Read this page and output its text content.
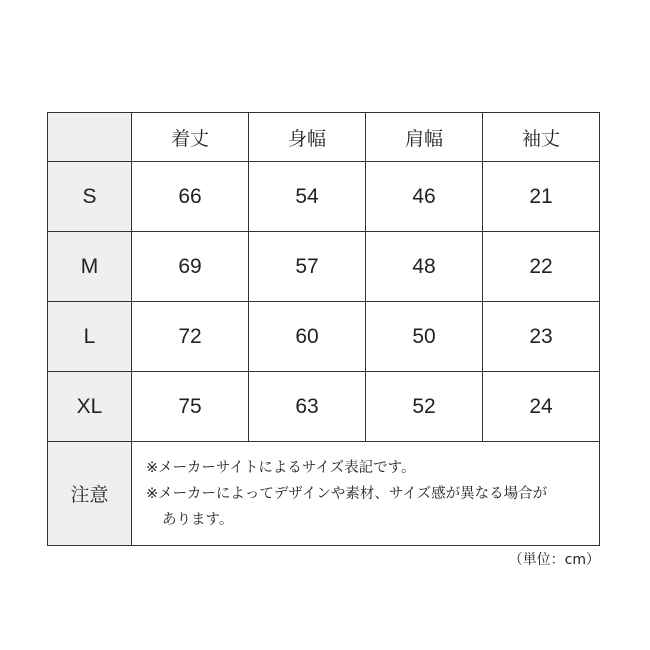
	着丈	身幅	肩幅	袖丈
S	66	54	46	21
M	69	57	48	22
L	72	60	50	23
XL	75	63	52	24
注意	※メーカーサイトによるサイズ表記です。
※メーカーによってデザインや素材、サイズ感が異なる場合が
あります。			
（単位：cm）
